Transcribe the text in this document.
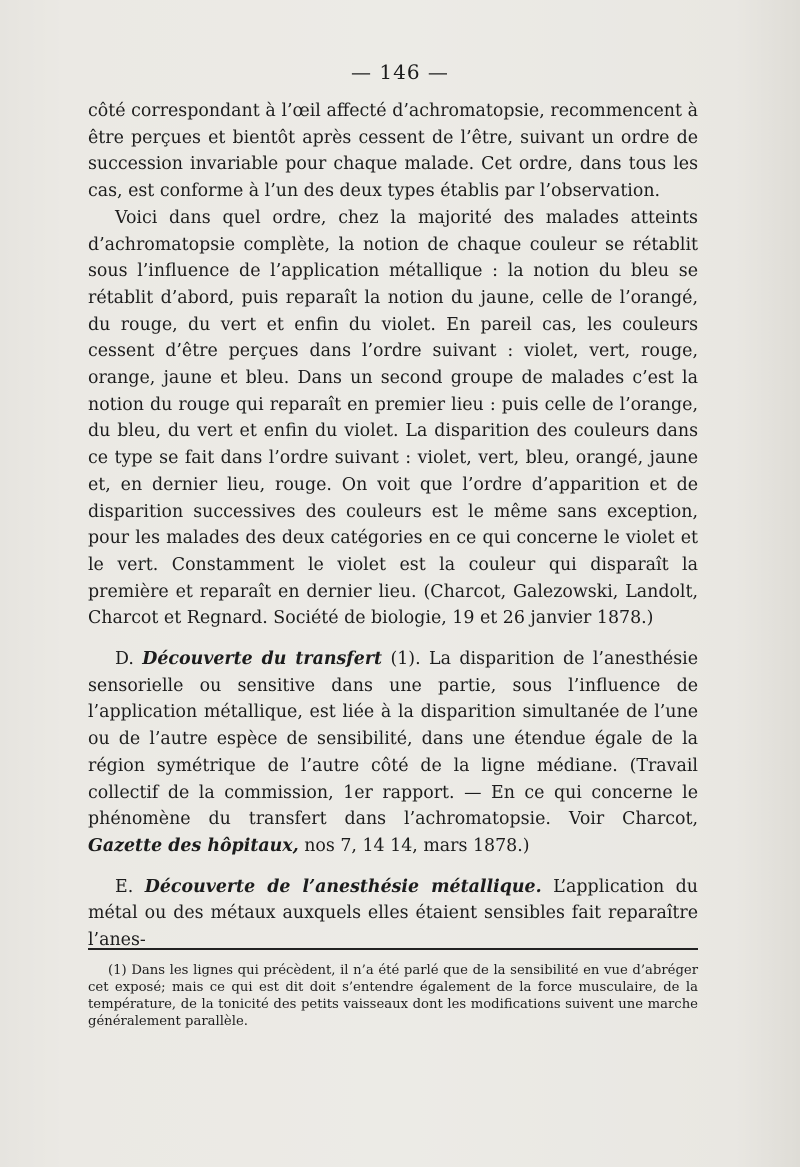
— 146 —

côté correspondant à l’œil affecté d’achromatopsie, recommencent à être perçues et bientôt après cessent de l’être, suivant un ordre de succession invariable pour chaque malade. Cet ordre, dans tous les cas, est conforme à l’un des deux types établis par l’observation.

Voici dans quel ordre, chez la majorité des malades atteints d’achromatopsie complète, la notion de chaque couleur se rétablit sous l’influence de l’application métallique : la notion du bleu se rétablit d’abord, puis reparaît la notion du jaune, celle de l’orangé, du rouge, du vert et enfin du violet. En pareil cas, les couleurs cessent d’être perçues dans l’ordre suivant : violet, vert, rouge, orange, jaune et bleu. Dans un second groupe de malades c’est la notion du rouge qui reparaît en premier lieu : puis celle de l’orange, du bleu, du vert et enfin du violet. La disparition des couleurs dans ce type se fait dans l’ordre suivant : violet, vert, bleu, orangé, jaune et, en dernier lieu, rouge. On voit que l’ordre d’apparition et de disparition successives des couleurs est le même sans exception, pour les malades des deux catégories en ce qui concerne le violet et le vert. Constamment le violet est la couleur qui disparaît la première et reparaît en dernier lieu. (Charcot, Galezowski, Landolt, Charcot et Regnard. Société de biologie, 19 et 26 janvier 1878.)

D. Découverte du transfert (1). La disparition de l’anesthésie sensorielle ou sensitive dans une partie, sous l’influence de l’application métallique, est liée à la disparition simultanée de l’une ou de l’autre espèce de sensibilité, dans une étendue égale de la région symétrique de l’autre côté de la ligne médiane. (Travail collectif de la commission, 1er rapport. — En ce qui concerne le phénomène du transfert dans l’achromatopsie. Voir Charcot, Gazette des hôpitaux, nos 7, 14 14, mars 1878.)

E. Découverte de l’anesthésie métallique. L’application du métal ou des métaux auxquels elles étaient sensibles fait reparaître l’anes-

(1) Dans les lignes qui précèdent, il n’a été parlé que de la sensibilité en vue d’abréger cet exposé; mais ce qui est dit doit s’entendre également de la force musculaire, de la température, de la tonicité des petits vaisseaux dont les modifications suivent une marche généralement parallèle.
